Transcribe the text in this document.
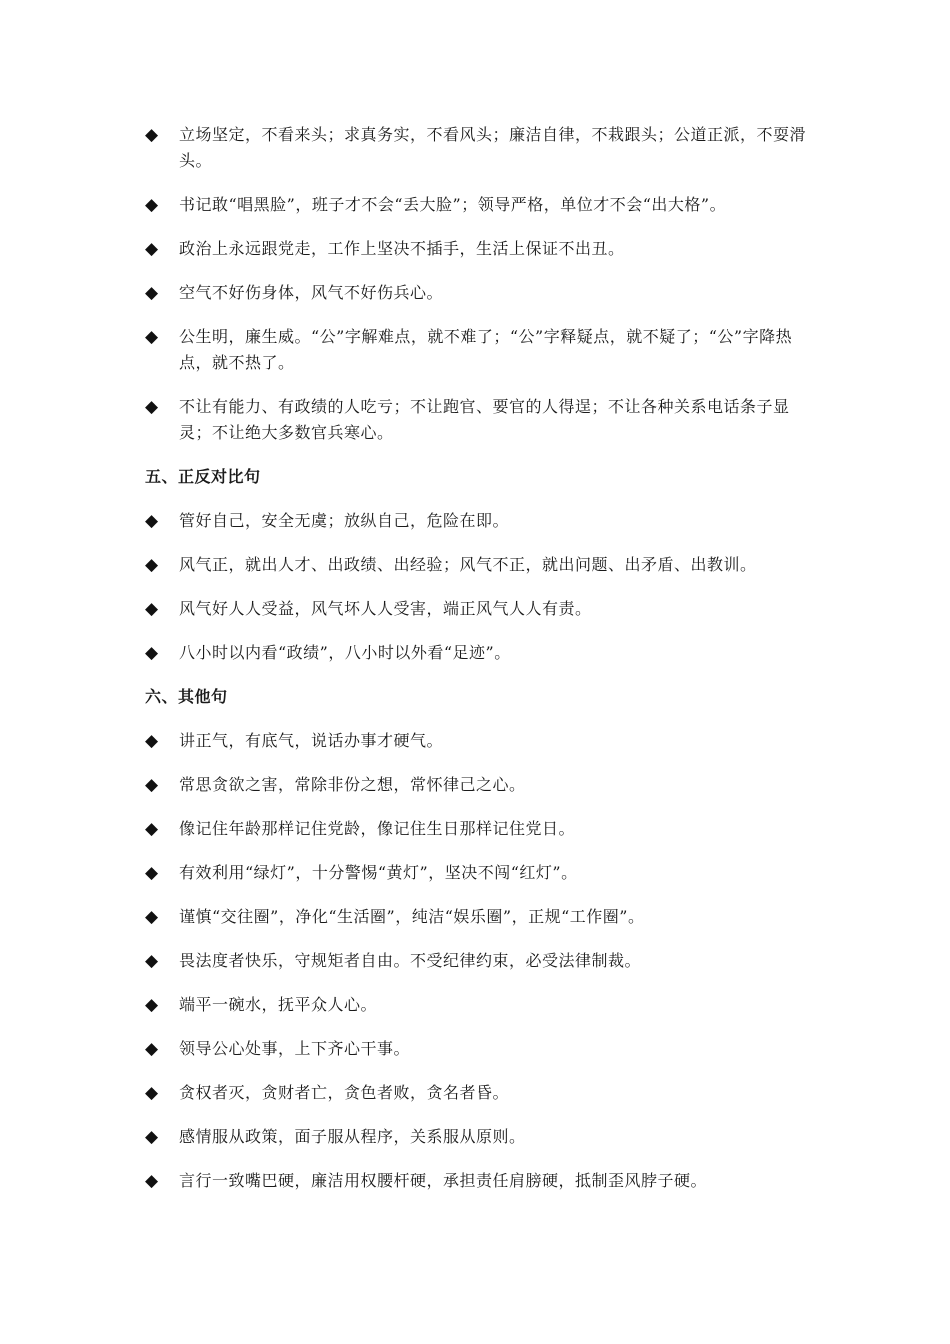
◆	立场坚定，不看来头；求真务实，不看风头；廉洁自律，不栽跟头；公道正派，不耍滑头。
◆	书记敢“唱黑脸”，班子才不会“丢大脸”；领导严格，单位才不会“出大格”。
◆	政治上永远跟党走，工作上坚决不插手，生活上保证不出丑。
◆	空气不好伤身体，风气不好伤兵心。
◆	公生明，廉生威。“公”字解难点，就不难了；“公”字释疑点，就不疑了；“公”字降热点，就不热了。
◆	不让有能力、有政绩的人吃亏；不让跑官、要官的人得逞；不让各种关系电话条子显灵；不让绝大多数官兵寒心。
五、正反对比句
◆	管好自己，安全无虞；放纵自己，危险在即。
◆	风气正，就出人才、出政绩、出经验；风气不正，就出问题、出矛盾、出教训。
◆	风气好人人受益，风气坏人人受害，端正风气人人有责。
◆	八小时以内看“政绩”，八小时以外看“足迹”。
六、其他句
◆	讲正气，有底气，说话办事才硬气。
◆	常思贪欲之害，常除非份之想，常怀律己之心。
◆	像记住年龄那样记住党龄，像记住生日那样记住党日。
◆	有效利用“绿灯”，十分警惕“黄灯”，坚决不闯“红灯”。
◆	谨慎“交往圈”，净化“生活圈”，纯洁“娱乐圈”，正规“工作圈”。
◆	畏法度者快乐，守规矩者自由。不受纪律约束，必受法律制裁。
◆	端平一碗水，抚平众人心。
◆	领导公心处事，上下齐心干事。
◆	贪权者灭，贪财者亡，贪色者败，贪名者昏。
◆	感情服从政策，面子服从程序，关系服从原则。
◆	言行一致嘴巴硬，廉洁用权腰杆硬，承担责任肩膀硬，抵制歪风脖子硬。
